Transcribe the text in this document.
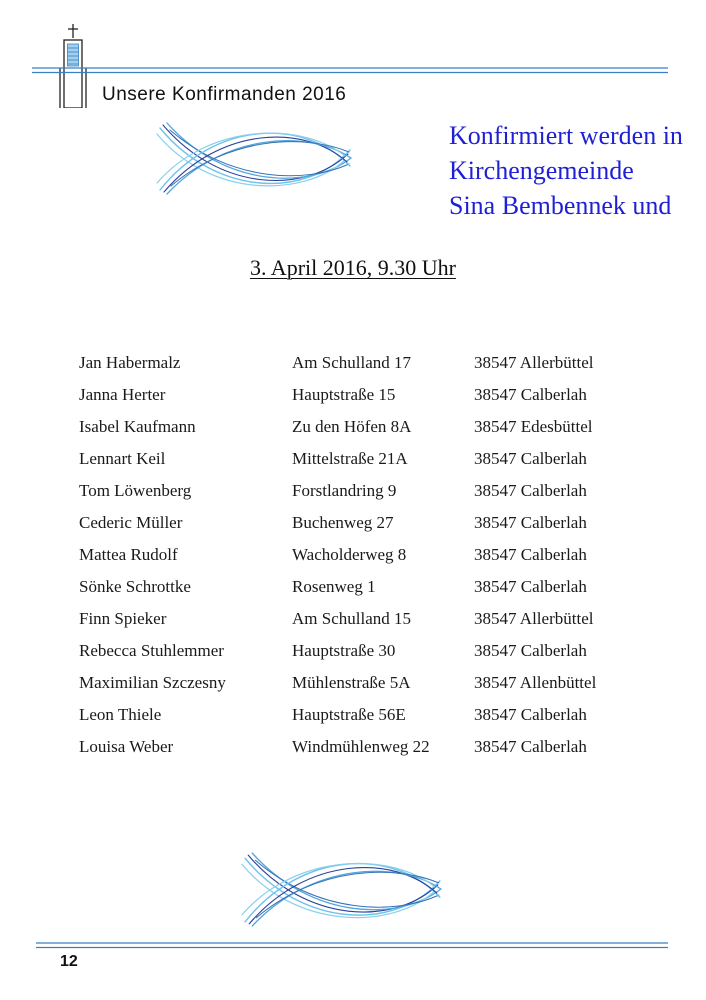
Unsere Konfirmanden 2016
Konfirmiert werden in
Kirchengemeinde
Sina Bembennek und
3. April 2016, 9.30 Uhr
Jan Habermalz	Am Schulland 17	38547 Allerbüttel
Janna Herter	Hauptstraße 15	38547 Calberlah
Isabel Kaufmann	Zu den Höfen 8A	38547 Edesbüttel
Lennart Keil	Mittelstraße 21A	38547 Calberlah
Tom Löwenberg	Forstlandring 9	38547 Calberlah
Cederic Müller	Buchenweg 27	38547 Calberlah
Mattea Rudolf	Wacholderweg 8	38547 Calberlah
Sönke Schrottke	Rosenweg 1	38547 Calberlah
Finn Spieker	Am Schulland 15	38547 Allerbüttel
Rebecca Stuhlemmer	Hauptstraße 30	38547 Calberlah
Maximilian Szczesny	Mühlenstraße 5A	38547 Allenbüttel
Leon Thiele	Hauptstraße 56E	38547 Calberlah
Louisa Weber	Windmühlenweg 22	38547 Calberlah
12
